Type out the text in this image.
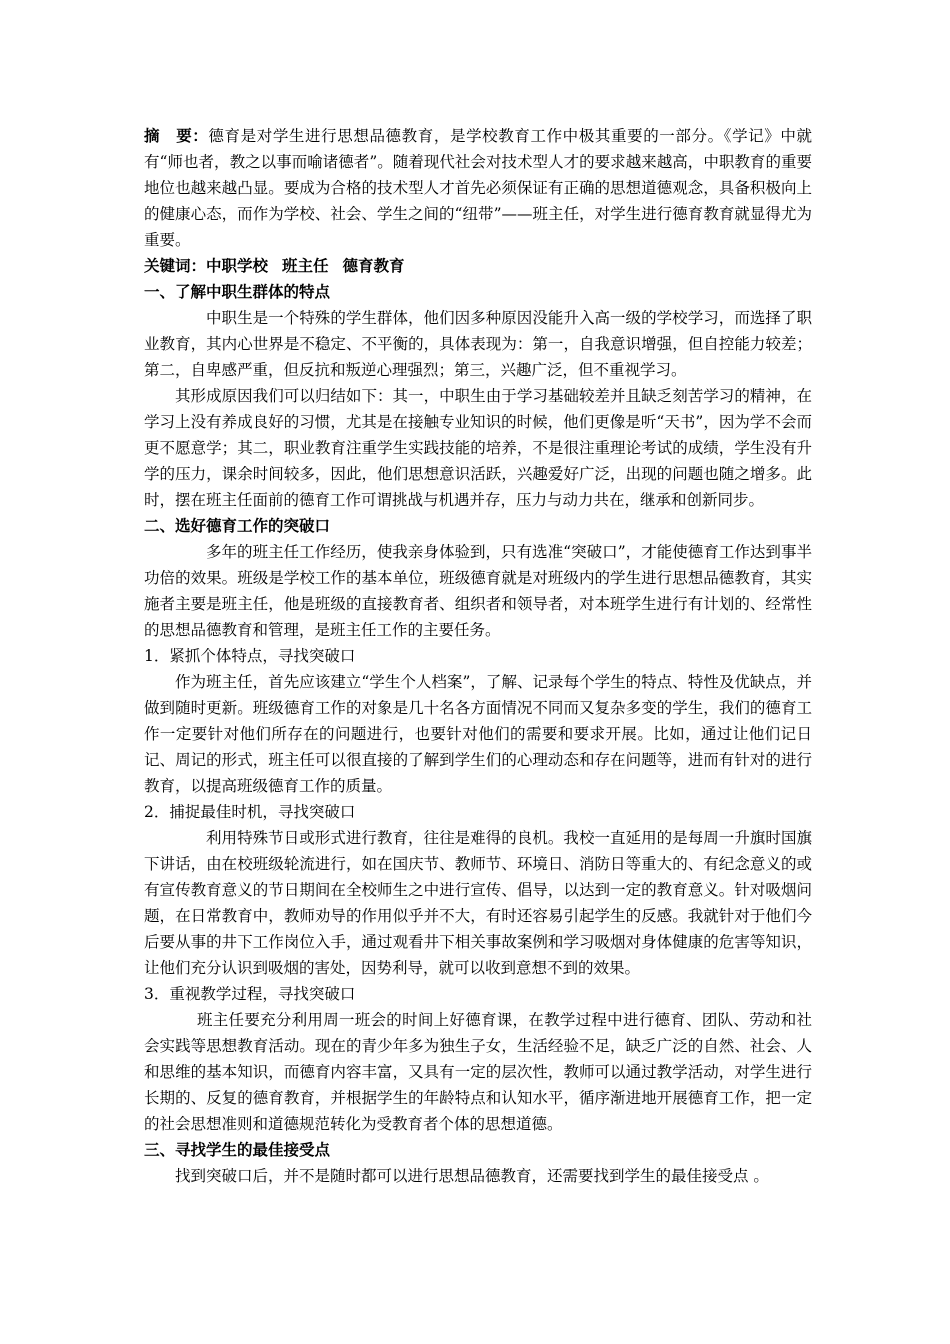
摘　要：德育是对学生进行思想品德教育，是学校教育工作中极其重要的一部分。《学记》中就有“师也者，教之以事而喻诸德者”。随着现代社会对技术型人才的要求越来越高，中职教育的重要地位也越来越凸显。要成为合格的技术型人才首先必须保证有正确的思想道德观念，具备积极向上的健康心态，而作为学校、社会、学生之间的“纽带”——班主任，对学生进行德育教育就显得尤为重要。

关键词：中职学校 班主任 德育教育

一、了解中职生群体的特点

中职生是一个特殊的学生群体，他们因多种原因没能升入高一级的学校学习，而选择了职业教育，其内心世界是不稳定、不平衡的，具体表现为：第一，自我意识增强，但自控能力较差；第二，自卑感严重，但反抗和叛逆心理强烈；第三，兴趣广泛，但不重视学习。

其形成原因我们可以归结如下：其一，中职生由于学习基础较差并且缺乏刻苦学习的精神，在学习上没有养成良好的习惯，尤其是在接触专业知识的时候，他们更像是听“天书”，因为学不会而更不愿意学；其二，职业教育注重学生实践技能的培养，不是很注重理论考试的成绩，学生没有升学的压力，课余时间较多，因此，他们思想意识活跃，兴趣爱好广泛，出现的问题也随之增多。此时，摆在班主任面前的德育工作可谓挑战与机遇并存，压力与动力共在，继承和创新同步。

二、选好德育工作的突破口

多年的班主任工作经历，使我亲身体验到，只有选准“突破口”，才能使德育工作达到事半功倍的效果。班级是学校工作的基本单位，班级德育就是对班级内的学生进行思想品德教育，其实施者主要是班主任，他是班级的直接教育者、组织者和领导者，对本班学生进行有计划的、经常性的思想品德教育和管理，是班主任工作的主要任务。

1．紧抓个体特点，寻找突破口

作为班主任，首先应该建立“学生个人档案”，了解、记录每个学生的特点、特性及优缺点，并做到随时更新。班级德育工作的对象是几十名各方面情况不同而又复杂多变的学生，我们的德育工作一定要针对他们所存在的问题进行，也要针对他们的需要和要求开展。比如，通过让他们记日记、周记的形式，班主任可以很直接的了解到学生们的心理动态和存在问题等，进而有针对的进行教育，以提高班级德育工作的质量。

2．捕捉最佳时机，寻找突破口

利用特殊节日或形式进行教育，往往是难得的良机。我校一直延用的是每周一升旗时国旗下讲话，由在校班级轮流进行，如在国庆节、教师节、环境日、消防日等重大的、有纪念意义的或有宣传教育意义的节日期间在全校师生之中进行宣传、倡导，以达到一定的教育意义。针对吸烟问题，在日常教育中，教师劝导的作用似乎并不大，有时还容易引起学生的反感。我就针对于他们今后要从事的井下工作岗位入手，通过观看井下相关事故案例和学习吸烟对身体健康的危害等知识，让他们充分认识到吸烟的害处，因势利导，就可以收到意想不到的效果。

3．重视教学过程，寻找突破口

班主任要充分利用周一班会的时间上好德育课，在教学过程中进行德育、团队、劳动和社会实践等思想教育活动。现在的青少年多为独生子女，生活经验不足，缺乏广泛的自然、社会、人和思维的基本知识，而德育内容丰富，又具有一定的层次性，教师可以通过教学活动，对学生进行长期的、反复的德育教育，并根据学生的年龄特点和认知水平，循序渐进地开展德育工作，把一定的社会思想准则和道德规范转化为受教育者个体的思想道德。

三、寻找学生的最佳接受点

找到突破口后，并不是随时都可以进行思想品德教育，还需要找到学生的最佳接受点 。
